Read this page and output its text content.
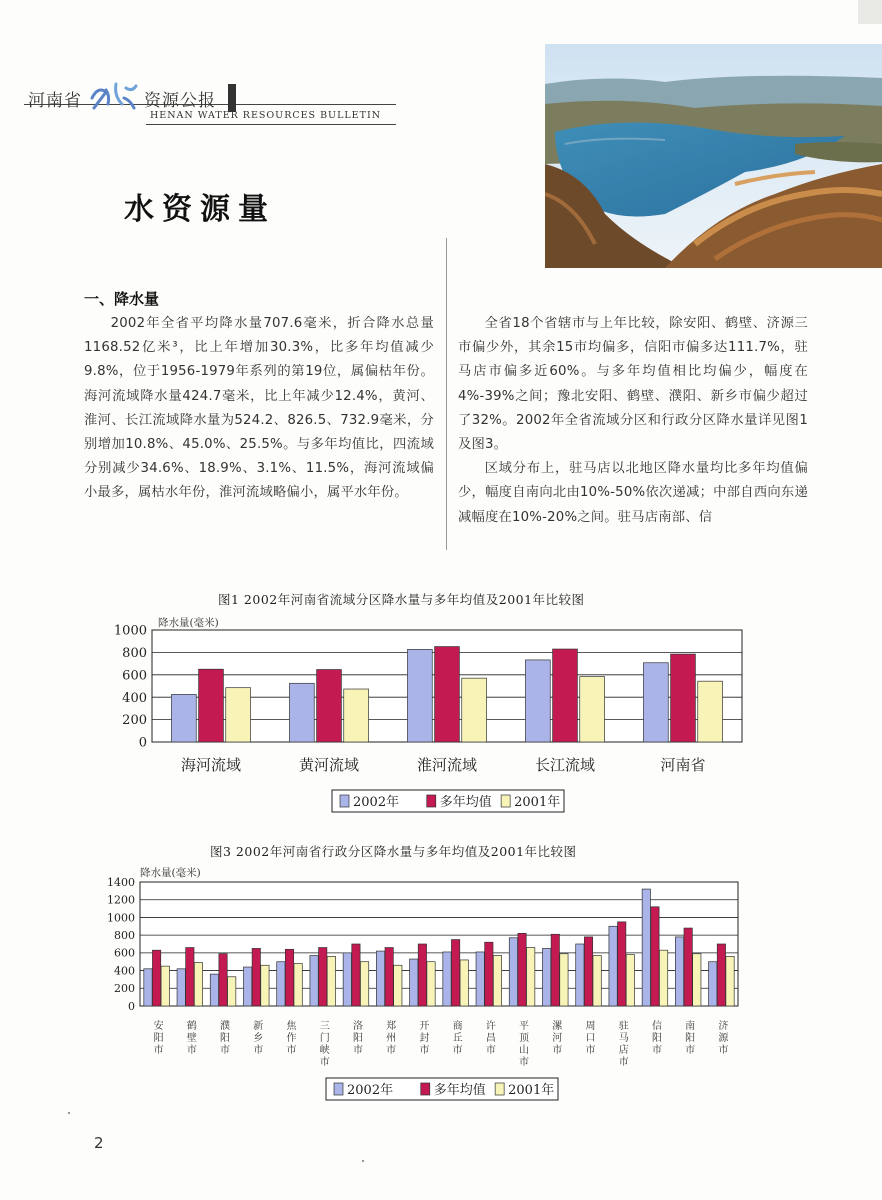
河南省	资源公报
HENAN WATER RESOURCES BULLETIN
水资源量
一、降水量

2002年全省平均降水量707.6毫米，折合降水总量1168.52亿米³，比上年增加30.3%，比多年均值减少9.8%，位于1956-1979年系列的第19位，属偏枯年份。海河流域降水量424.7毫米，比上年减少12.4%，黄河、淮河、长江流域降水量为524.2、826.5、732.9毫米，分别增加10.8%、45.0%、25.5%。与多年均值比，四流域分别减少34.6%、18.9%、3.1%、11.5%，海河流域偏小最多，属枯水年份，淮河流域略偏小，属平水年份。

全省18个省辖市与上年比较，除安阳、鹤壁、济源三市偏少外，其余15市均偏多，信阳市偏多达111.7%，驻马店市偏多近60%。与多年均值相比均偏少，幅度在4%-39%之间；豫北安阳、鹤壁、濮阳、新乡市偏少超过了32%。2002年全省流域分区和行政分区降水量详见图1及图3。

区域分布上，驻马店以北地区降水量均比多年均值偏少，幅度自南向北由10%-50%依次递减；中部自西向东递减幅度在10%-20%之间。驻马店南部、信

图1 2002年河南省流域分区降水量与多年均值及2001年比较图
0
200
400
600
800
1000
降水量(毫米)
海河流域	黄河流域	淮河流域	长江流域	河南省
2002年	多年均值 2001年
图3 2002年河南省行政分区降水量与多年均值及2001年比较图
0
200
400
600
800
1000
1200
1400
降水量(毫米)
安阳市 鹤壁市 濮阳市 新乡市 焦作市 三门峡市 洛阳市 郑州市 开封市 商丘市 许昌市 平顶山市 漯河市 周口市 驻马店市 信阳市 南阳市 济源市
2002年	多年均值 2001年
2
